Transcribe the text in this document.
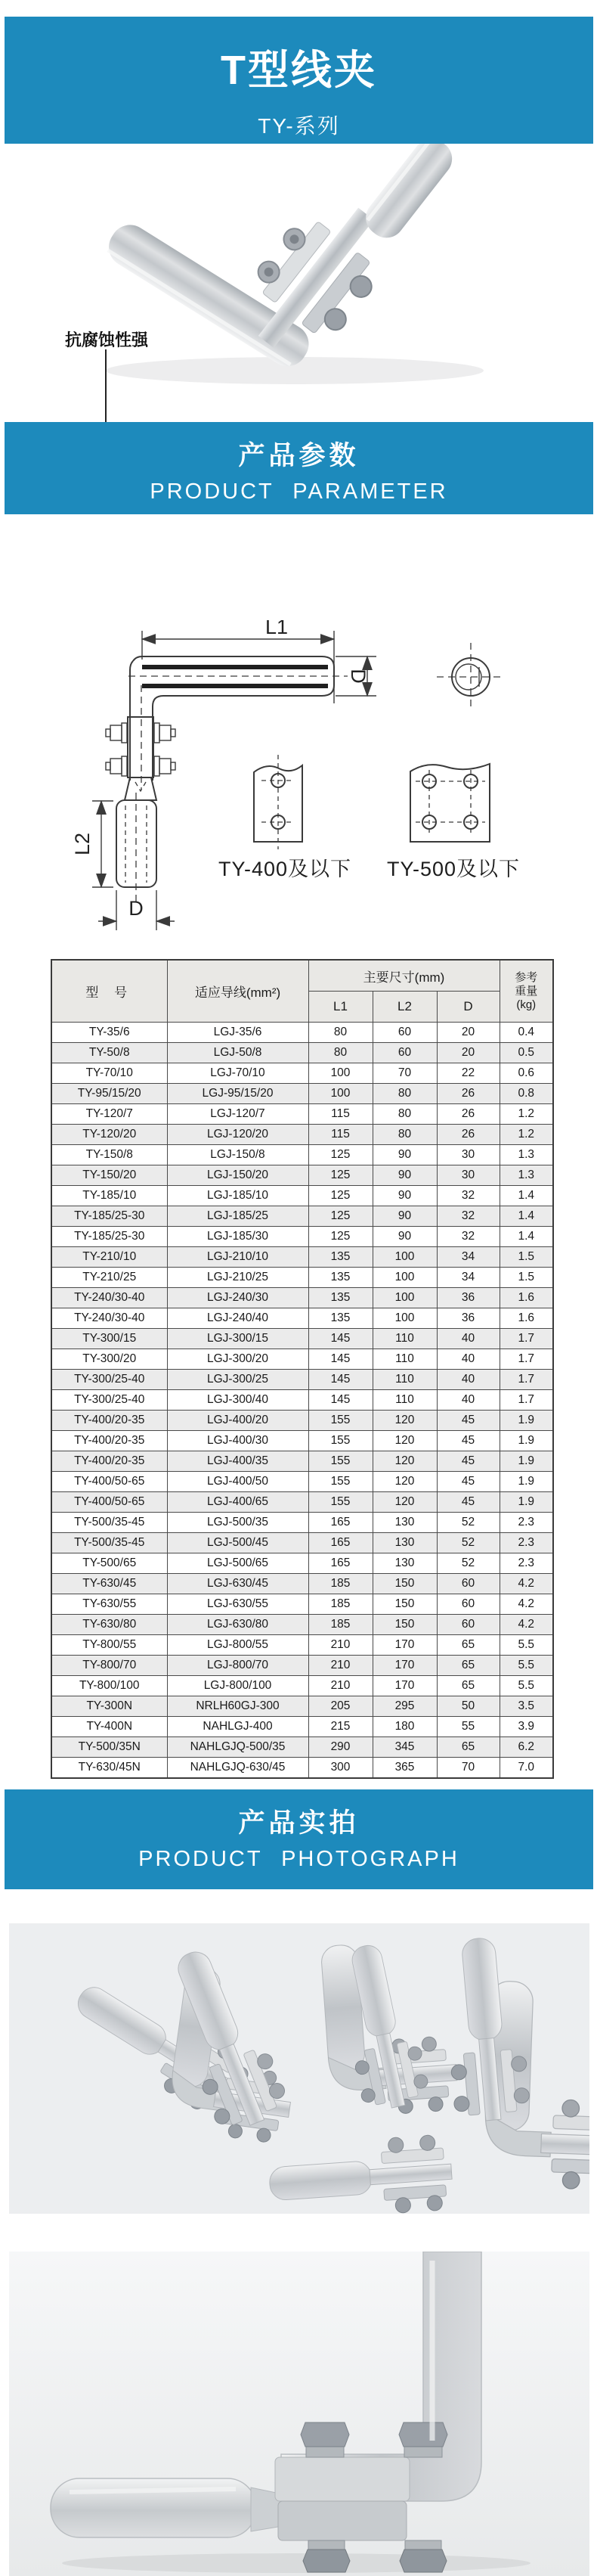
T型线夹
TY-系列
抗腐蚀性强
产品参数
PRODUCT PARAMETER
L1
D
L2
D
TY-400及以下 TY-500及以下
型 号	适应导线(mm²)	主要尺寸(mm)			参考
重量
(kg)

		L1	L2	D	
TY-35/6	LGJ-35/6	80	60	20	0.4
TY-50/8	LGJ-50/8	80	60	20	0.5
TY-70/10	LGJ-70/10	100	70	22	0.6
TY-95/15/20	LGJ-95/15/20	100	80	26	0.8
TY-120/7	LGJ-120/7	115	80	26	1.2
TY-120/20	LGJ-120/20	115	80	26	1.2
TY-150/8	LGJ-150/8	125	90	30	1.3
TY-150/20	LGJ-150/20	125	90	30	1.3
TY-185/10	LGJ-185/10	125	90	32	1.4
TY-185/25-30	LGJ-185/25	125	90	32	1.4
TY-185/25-30	LGJ-185/30	125	90	32	1.4
TY-210/10	LGJ-210/10	135	100	34	1.5
TY-210/25	LGJ-210/25	135	100	34	1.5
TY-240/30-40	LGJ-240/30	135	100	36	1.6
TY-240/30-40	LGJ-240/40	135	100	36	1.6
TY-300/15	LGJ-300/15	145	110	40	1.7
TY-300/20	LGJ-300/20	145	110	40	1.7
TY-300/25-40	LGJ-300/25	145	110	40	1.7
TY-300/25-40	LGJ-300/40	145	110	40	1.7
TY-400/20-35	LGJ-400/20	155	120	45	1.9
TY-400/20-35	LGJ-400/30	155	120	45	1.9
TY-400/20-35	LGJ-400/35	155	120	45	1.9
TY-400/50-65	LGJ-400/50	155	120	45	1.9
TY-400/50-65	LGJ-400/65	155	120	45	1.9
TY-500/35-45	LGJ-500/35	165	130	52	2.3
TY-500/35-45	LGJ-500/45	165	130	52	2.3
TY-500/65	LGJ-500/65	165	130	52	2.3
TY-630/45	LGJ-630/45	185	150	60	4.2
TY-630/55	LGJ-630/55	185	150	60	4.2
TY-630/80	LGJ-630/80	185	150	60	4.2
TY-800/55	LGJ-800/55	210	170	65	5.5
TY-800/70	LGJ-800/70	210	170	65	5.5
TY-800/100	LGJ-800/100	210	170	65	5.5
TY-300N	NRLH60GJ-300	205	295	50	3.5
TY-400N	NAHLGJ-400	215	180	55	3.9
TY-500/35N	NAHLGJQ-500/35	290	345	65	6.2
TY-630/45N	NAHLGJQ-630/45	300	365	70	7.0
产品实拍
PRODUCT PHOTOGRAPH
